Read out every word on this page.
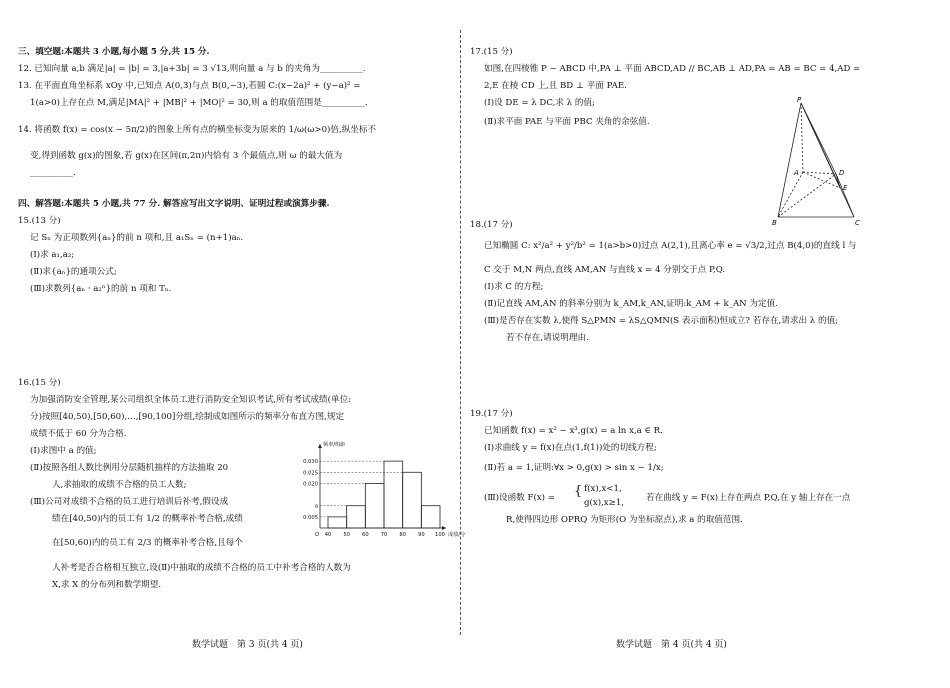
三、填空题:本题共 3 小题,每小题 5 分,共 15 分.
12. 已知向量 a,b 满足|a| = |b| = 3,|a+3b| = 3 √13,则向量 a 与 b 的夹角为__________.
13. 在平面直角坐标系 xOy 中,已知点 A(0,3)与点 B(0,−3),若圆 C:(x−2a)² + (y−a)² =
1(a>0)上存在点 M,满足|MA|² + |MB|² + |MO|² = 30,则 a 的取值范围是__________.
14. 将函数 f(x) = cos(x − 5π/2)的图象上所有点的横坐标变为原来的 1/ω(ω>0)倍,纵坐标不
变,得到函数 g(x)的图象,若 g(x)在区间(π,2π)内恰有 3 个最值点,则 ω 的最大值为
__________.
四、解答题:本题共 5 小题,共 77 分. 解答应写出文字说明、证明过程或演算步骤.
15.(13 分)
记 Sₙ 为正项数列{aₙ}的前 n 项和,且 a₁Sₙ = (n+1)aₙ.
(Ⅰ)求 a₁,a₂;
(Ⅱ)求{aₙ}的通项公式;
(Ⅲ)求数列{aₙ · a₂ⁿ}的前 n 项和 Tₙ.
16.(15 分)
为加强消防安全管理,某公司组织全体员工进行消防安全知识考试,所有考试成绩(单位:
分)按照[40,50),[50,60),…,[90,100]分组,绘制成如图所示的频率分布直方图,规定
成绩不低于 60 分为合格.
(Ⅰ)求图中 a 的值;
(Ⅱ)按照各组人数比例用分层随机抽样的方法抽取 20
人,求抽取的成绩不合格的员工人数;
(Ⅲ)公司对成绩不合格的员工进行培训后补考,假设成
绩在[40,50)内的员工有 1/2 的概率补考合格,成绩
在[50,60)内的员工有 2/3 的概率补考合格,且每个
人补考是否合格相互独立,设(Ⅱ)中抽取的成绩不合格的员工中补考合格的人数为
X,求 X 的分布列和数学期望.
0.005
a
0.020
0.025
0.030
40 50 60 70 80 90 100
O	成绩/分
频率/组距
数学试题　第 3 页(共 4 页)
17.(15 分)
如图,在四棱锥 P − ABCD 中,PA ⊥ 平面 ABCD,AD // BC,AB ⊥ AD,PA = AB = BC = 4,AD =
2,E 在棱 CD 上,且 BD ⊥ 平面 PAE.
(Ⅰ)设 DE = λ DC,求 λ 的值;
(Ⅱ)求平面 PAE 与平面 PBC 夹角的余弦值.
P
A
B	C
D
E
18.(17 分)
已知椭圆 C: x²/a² + y²/b² = 1(a>b>0)过点 A(2,1),且离心率 e = √3/2,过点 B(4,0)的直线 l 与
C 交于 M,N 两点,直线 AM,AN 与直线 x = 4 分别交于点 P,Q.
(Ⅰ)求 C 的方程;
(Ⅱ)记直线 AM,AN 的斜率分别为 k_AM,k_AN,证明:k_AM + k_AN 为定值.
(Ⅲ)是否存在实数 λ,使得 S△PMN = λS△QMN(S 表示面积)恒成立? 若存在,请求出 λ 的值;
若不存在,请说明理由.
19.(17 分)
已知函数 f(x) = x² − x³,g(x) = a ln x,a ∈ R.
(Ⅰ)求曲线 y = f(x)在点(1,f(1))处的切线方程;
(Ⅱ)若 a = 1,证明:∀x > 0,g(x) > sin x − 1/x;
(Ⅲ)设函数 F(x) = { f(x),x<1,
g(x),x≥1,	若在曲线 y = F(x)上存在两点 P,Q,在 y 轴上存在一点
R,使得四边形 OPRQ 为矩形(O 为坐标原点),求 a 的取值范围.
数学试题　第 4 页(共 4 页)
